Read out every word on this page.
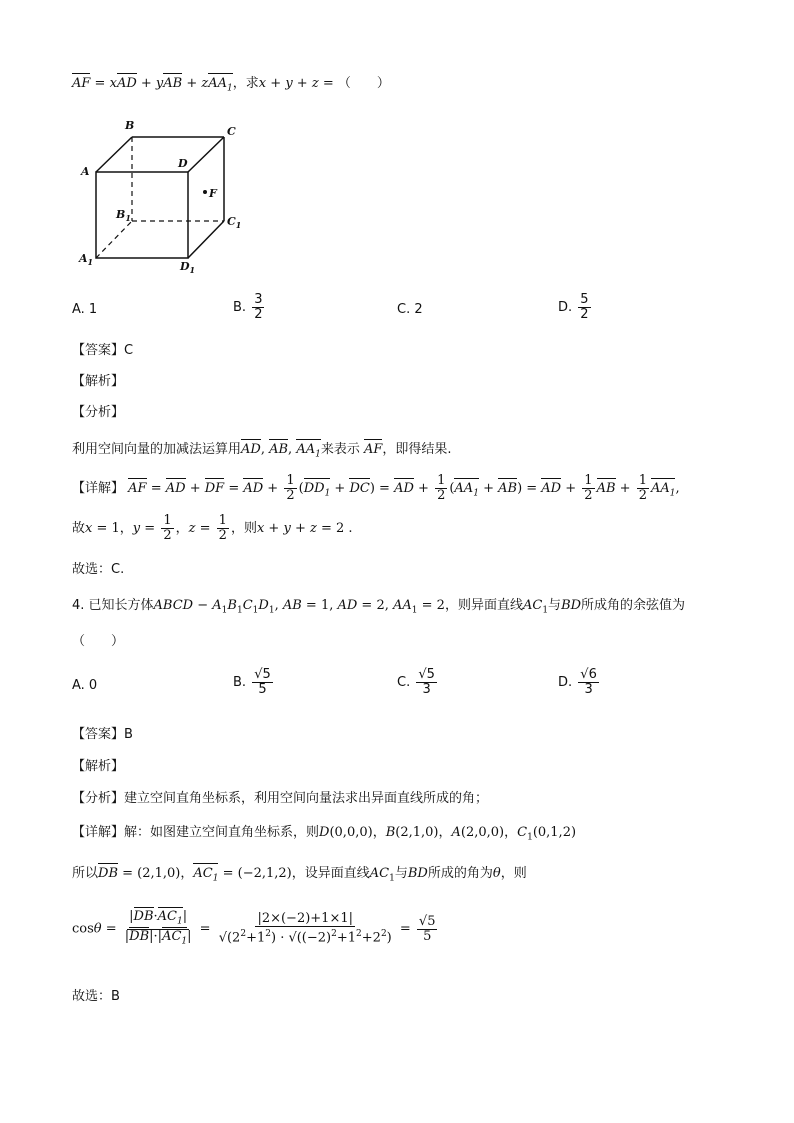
AF = xAD + yAB + zAA$_1$，求x + y + z = （　　）
B	C
D
A
F
$B_1$	$C_1$
$A_1$	$D_1$
A. 1	B. $\frac{3}{2}$	C. 2	D. $\frac{5}{2}$
【答案】C
【解析】
【分析】
利用空间向量的加减法运算用AD, AB, $AA_1$来表示 AF，即得结果.
【详解】 AF = AD + DF = AD + $\frac{1}{2} (DD_1 + DC)$ = AD + $\frac{1}{2} (AA_1 + AB)$ = AD + $\frac{1}{2}$ AB + $\frac{1}{2} AA_1$,
故x = 1，$y = \frac{1}{2}$ ，$z = \frac{1}{2}$ ，则x + y + z = 2 .
故选：C.
4. 已知长方体ABCD − $A_1B_1C_1D_1$, AB = 1, AD = 2, $AA_1 = 2$，则异面直线$AC_1$与BD所成角的余弦值为
（　　）
A. 0	B. $\frac{√5}{5}$	C. $\frac{√5}{3}$	D. $\frac{√6}{3}$
【答案】B
【解析】
【分析】建立空间直角坐标系，利用空间向量法求出异面直线所成的角；
【详解】解：如图建立空间直角坐标系，则D(0,0,0)，B(2,1,0)，A(2,0,0)，$C_1(0,1,2)$
所以DB = (2,1,0)，$AC_1 = (-2,1,2)$，设异面直线$AC_1$与BD所成的角为θ，则
$\cos\theta = \frac{|DB\cdot AC_1|}{|DB|\cdot|AC_1|} = \frac{|2\times(-2)+1\times 1|}{√(2^2+1^2) \cdot √((-2)^2+1^2+2^2)} = \frac{√5}{5}$
故选：B
